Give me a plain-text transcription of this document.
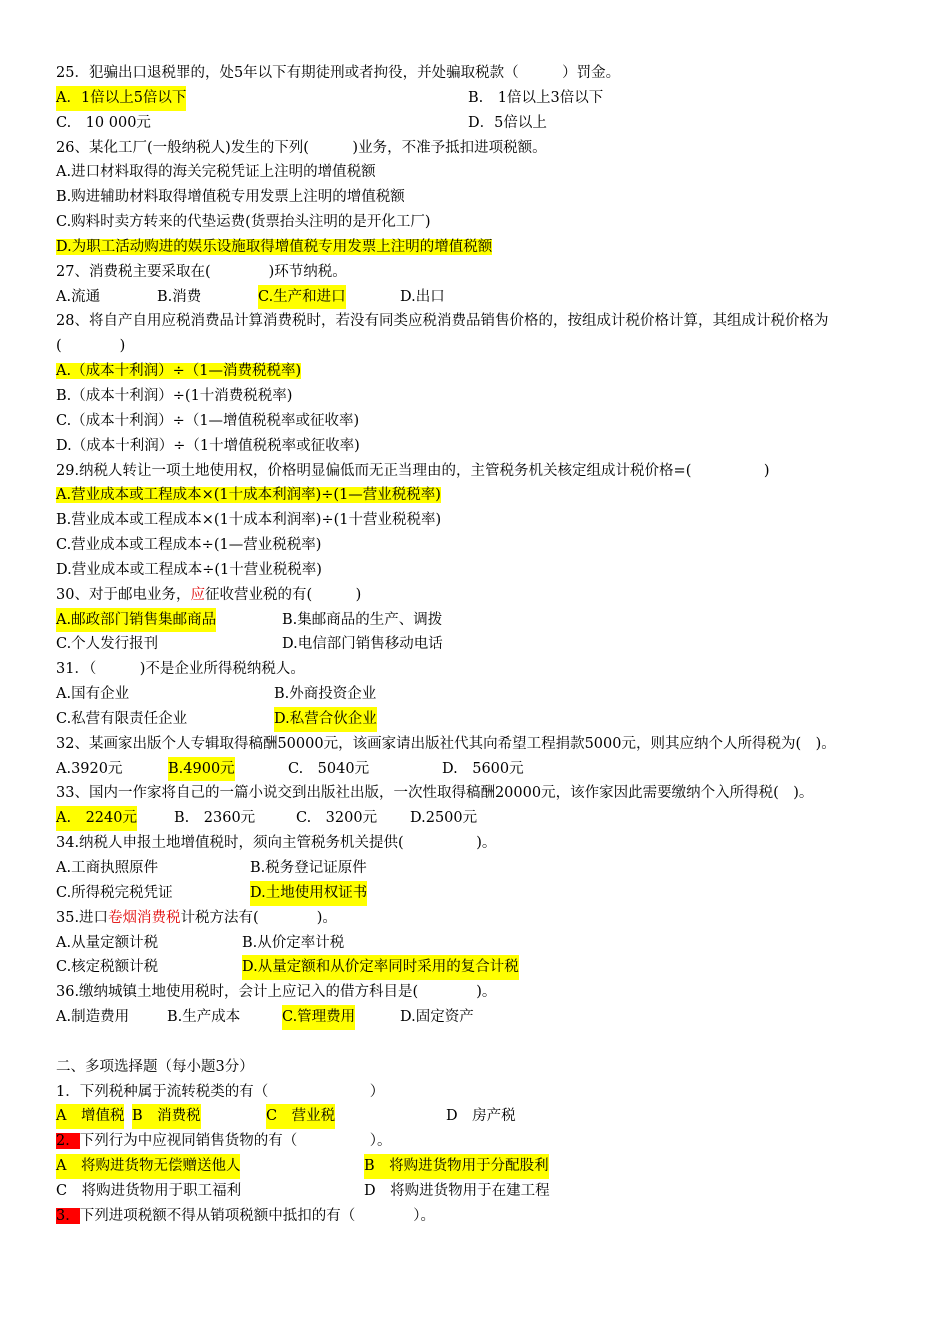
25．犯骗出口退税罪的，处5年以下有期徒刑或者拘役，并处骗取税款（　　　）罚金。
A．1倍以上5倍以下	B.　1倍以上3倍以下
C.　10 000元	D．5倍以上
26、某化工厂(一般纳税人)发生的下列(　　　)业务，不准予抵扣进项税额。
A.进口材料取得的海关完税凭证上注明的增值税额
B.购进辅助材料取得增值税专用发票上注明的增值税额
C.购料时卖方转来的代垫运费(货票抬头注明的是开化工厂)
D.为职工活动购进的娱乐设施取得增值税专用发票上注明的增值税额
27、消费税主要采取在(　　　　)环节纳税。
A.流通	B.消费	C.生产和进口	D.出口
28、将自产自用应税消费品计算消费税时，若没有同类应税消费品销售价格的，按组成计税价格计算，其组成计税价格为(　　　　)
A.（成本十利润）÷（1—消费税税率)
B.（成本十利润）÷(1十消费税税率)
C.（成本十利润）÷（1—增值税税率或征收率)
D.（成本十利润）÷（1十增值税税率或征收率)
29.纳税人转让一项土地使用权，价格明显偏低而无正当理由的，主管税务机关核定组成计税价格=(　　　　　)
A.营业成本或工程成本×(1十成本利润率)÷(1—营业税税率)
B.营业成本或工程成本×(1十成本利润率)÷(1十营业税税率)
C.营业成本或工程成本÷(1—营业税税率)
D.营业成本或工程成本÷(1十营业税税率)
30、对于邮电业务，应征收营业税的有(　　　)
A.邮政部门销售集邮商品	B.集邮商品的生产、调拨
C.个人发行报刊	D.电信部门销售移动电话
31．（　　　)不是企业所得税纳税人。
A.国有企业	B.外商投资企业
C.私营有限责任企业	D.私营合伙企业
32、某画家出版个人专辑取得稿酬50000元，该画家请出版社代其向希望工程捐款5000元，则其应纳个人所得税为(　)。
A.3920元	B.4900元	C.　5040元	D.　5600元
33、国内一作家将自己的一篇小说交到出版社出版，一次性取得稿酬20000元，该作家因此需要缴纳个入所得税(　)。
A.　2240元	B.　2360元	C.　3200元 D.2500元
34.纳税人申报土地增值税时，须向主管税务机关提供(　　　　　)。
A.工商执照原件	B.税务登记证原件
C.所得税完税凭证	D.土地使用权证书
35.进口卷烟消费税计税方法有(　　　　)。
A.从量定额计税	B.从价定率计税
C.核定税额计税	D.从量定额和从价定率同时采用的复合计税
36.缴纳城镇土地使用税时，会计上应记入的借方科目是(　　　　)。
A.制造费用	B.生产成本	C.管理费用	D.固定资产
二、多项选择题（每小题3分）
1．下列税种属于流转税类的有（　　　　　　　）
A　增值税 B　消费税	C　营业税	D　房产税
2．下列行为中应视同销售货物的有（　　　　　）。
A　将购进货物无偿赠送他人	B　将购进货物用于分配股利
C　将购进货物用于职工福利	D　将购进货物用于在建工程
3．下列进项税额不得从销项税额中抵扣的有（　　　　）。
